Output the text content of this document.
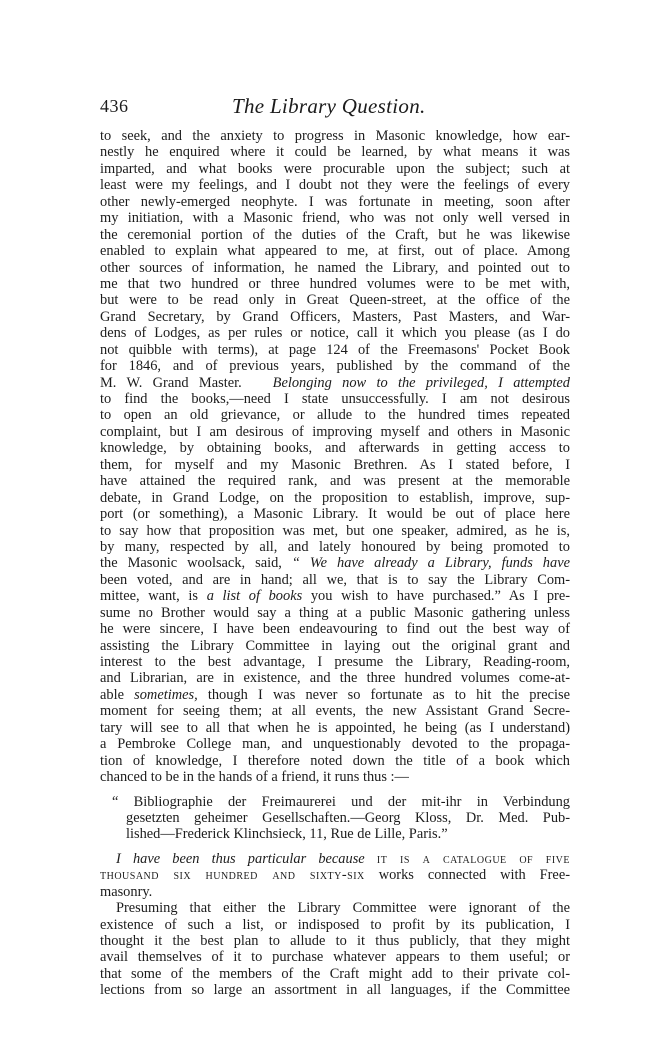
436	The Library Question.
to seek, and the anxiety to progress in Masonic knowledge, how ear-
nestly he enquired where it could be learned, by what means it was
imparted, and what books were procurable upon the subject; such at
least were my feelings, and I doubt not they were the feelings of every
other newly-emerged neophyte. I was fortunate in meeting, soon after
my initiation, with a Masonic friend, who was not only well versed in
the ceremonial portion of the duties of the Craft, but he was likewise
enabled to explain what appeared to me, at first, out of place. Among
other sources of information, he named the Library, and pointed out to
me that two hundred or three hundred volumes were to be met with,
but were to be read only in Great Queen-street, at the office of the
Grand Secretary, by Grand Officers, Masters, Past Masters, and War-
dens of Lodges, as per rules or notice, call it which you please (as I do
not quibble with terms), at page 124 of the Freemasons' Pocket Book
for 1846, and of previous years, published by the command of the
M. W. Grand Master. Belonging now to the privileged, I attempted
to find the books,—need I state unsuccessfully. I am not desirous
to open an old grievance, or allude to the hundred times repeated
complaint, but I am desirous of improving myself and others in Masonic
knowledge, by obtaining books, and afterwards in getting access to
them, for myself and my Masonic Brethren. As I stated before, I
have attained the required rank, and was present at the memorable
debate, in Grand Lodge, on the proposition to establish, improve, sup-
port (or something), a Masonic Library. It would be out of place here
to say how that proposition was met, but one speaker, admired, as he is,
by many, respected by all, and lately honoured by being promoted to
the Masonic woolsack, said, “ We have already a Library, funds have
been voted, and are in hand; all we, that is to say the Library Com-
mittee, want, is a list of books you wish to have purchased.” As I pre-
sume no Brother would say a thing at a public Masonic gathering unless
he were sincere, I have been endeavouring to find out the best way of
assisting the Library Committee in laying out the original grant and
interest to the best advantage, I presume the Library, Reading-room,
and Librarian, are in existence, and the three hundred volumes come-at-
able sometimes, though I was never so fortunate as to hit the precise
moment for seeing them; at all events, the new Assistant Grand Secre-
tary will see to all that when he is appointed, he being (as I understand)
a Pembroke College man, and unquestionably devoted to the propaga-
tion of knowledge, I therefore noted down the title of a book which
chanced to be in the hands of a friend, it runs thus :—
“ Bibliographie der Freimaurerei und der mit-ihr in Verbindung
gesetzten geheimer Gesellschaften.—Georg Kloss, Dr. Med. Pub-
lished—Frederick Klinchsieck, 11, Rue de Lille, Paris.”
I have been thus particular because it is a catalogue of five
thousand six hundred and sixty-six works connected with Free-
masonry.
Presuming that either the Library Committee were ignorant of the
existence of such a list, or indisposed to profit by its publication, I
thought it the best plan to allude to it thus publicly, that they might
avail themselves of it to purchase whatever appears to them useful; or
that some of the members of the Craft might add to their private col-
lections from so large an assortment in all languages, if the Committee
